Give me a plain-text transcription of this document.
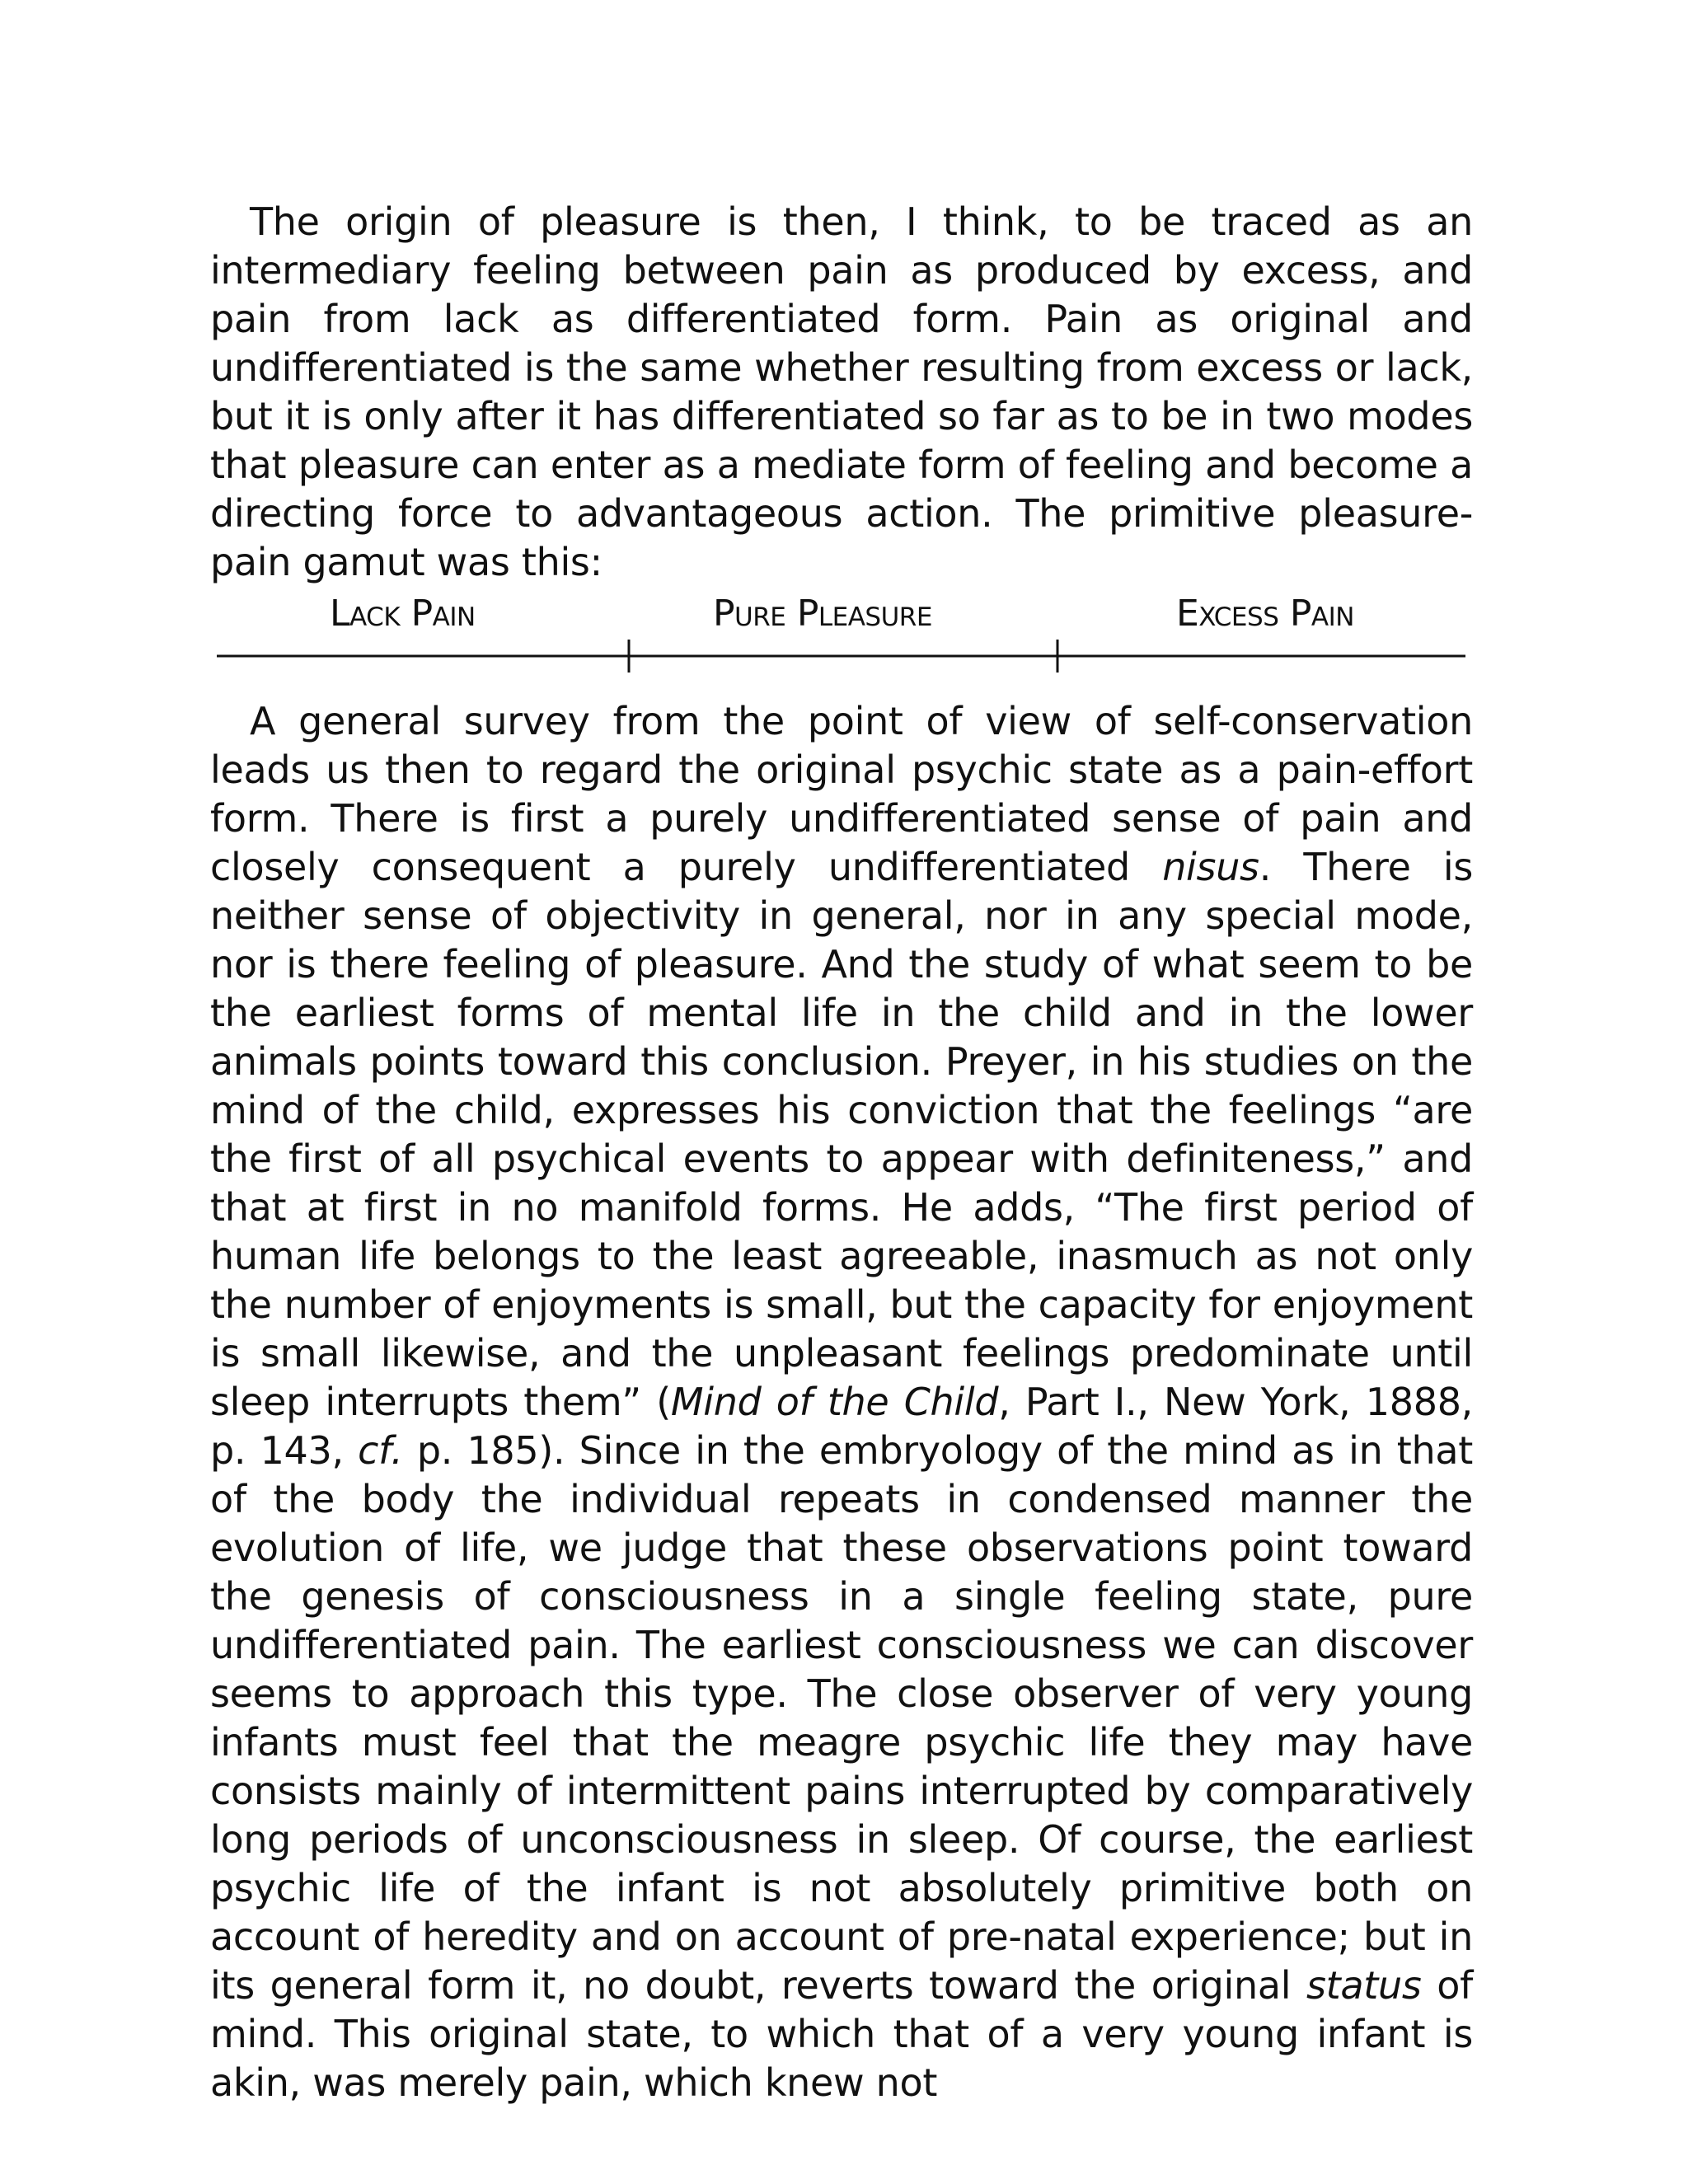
The origin of pleasure is then, I think, to be traced as an intermediary feeling between pain as produced by excess, and pain from lack as differentiated form. Pain as original and undifferentiated is the same whether resulting from excess or lack, but it is only after it has differentiated so far as to be in two modes that pleasure can enter as a mediate form of feeling and become a directing force to advantageous action. The primitive pleasure-pain gamut was this:

Lack Pain	Pure Pleasure	Excess Pain

A general survey from the point of view of self-conservation leads us then to regard the original psychic state as a pain-effort form. There is first a purely undifferentiated sense of pain and closely consequent a purely undifferentiated nisus. There is neither sense of objectivity in general, nor in any special mode, nor is there feeling of pleasure. And the study of what seem to be the earliest forms of mental life in the child and in the lower animals points toward this conclusion. Preyer, in his studies on the mind of the child, expresses his conviction that the feelings “are the first of all psychical events to appear with definiteness,” and that at first in no manifold forms. He adds, “The first period of human life belongs to the least agreeable, inasmuch as not only the number of enjoyments is small, but the capacity for enjoyment is small likewise, and the unpleasant feelings predominate until sleep interrupts them” (Mind of the Child, Part I., New York, 1888, p. 143, cf. p. 185). Since in the embryology of the mind as in that of the body the individual repeats in condensed manner the evolution of life, we judge that these observations point toward the genesis of consciousness in a single feeling state, pure undifferentiated pain. The earliest consciousness we can discover seems to approach this type. The close observer of very young infants must feel that the meagre psychic life they may have consists mainly of intermittent pains interrupted by comparatively long periods of unconsciousness in sleep. Of course, the earliest psychic life of the infant is not absolutely primitive both on account of heredity and on account of pre-natal experience; but in its general form it, no doubt, reverts toward the original status of mind. This original state, to which that of a very young infant is akin, was merely pain, which knew not
